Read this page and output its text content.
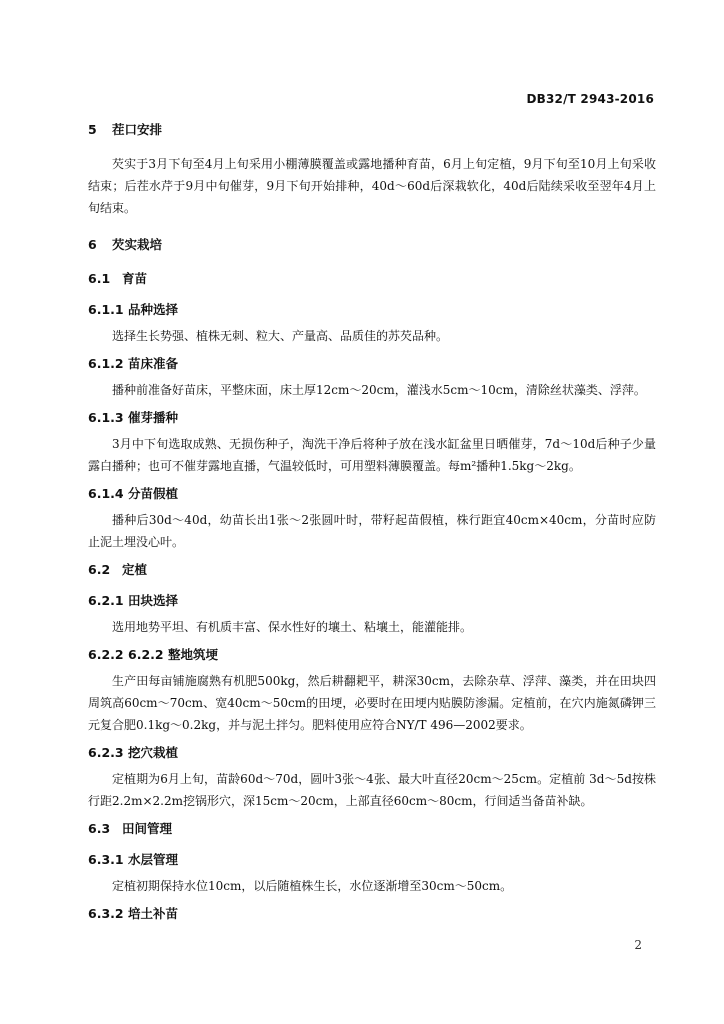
DB32/T 2943-2016
5 茬口安排

芡实于3月下旬至4月上旬采用小棚薄膜覆盖或露地播种育苗，6月上旬定植，9月下旬至10月上旬采收结束；后茬水芹于9月中旬催芽，9月下旬开始排种，40d～60d后深栽软化，40d后陆续采收至翌年4月上旬结束。

6 芡实栽培
6.1 育苗
6.1.1 品种选择

选择生长势强、植株无刺、粒大、产量高、品质佳的苏芡品种。

6.1.2 苗床准备

播种前准备好苗床，平整床面，床土厚12cm～20cm，灌浅水5cm～10cm，清除丝状藻类、浮萍。

6.1.3 催芽播种

3月中下旬选取成熟、无损伤种子，淘洗干净后将种子放在浅水缸盆里日晒催芽，7d～10d后种子少量露白播种；也可不催芽露地直播，气温较低时，可用塑料薄膜覆盖。每m²播种1.5kg～2kg。

6.1.4 分苗假植

播种后30d～40d，幼苗长出1张～2张圆叶时，带籽起苗假植，株行距宜40cm×40cm，分苗时应防止泥土埋没心叶。

6.2 定植
6.2.1 田块选择

选用地势平坦、有机质丰富、保水性好的壤土、粘壤土，能灌能排。

6.2.2 6.2.2 整地筑埂

生产田每亩铺施腐熟有机肥500kg，然后耕翻耙平，耕深30cm，去除杂草、浮萍、藻类，并在田块四周筑高60cm～70cm、宽40cm～50cm的田埂，必要时在田埂内贴膜防渗漏。定植前，在穴内施氮磷钾三元复合肥0.1kg～0.2kg，并与泥土拌匀。肥料使用应符合NY/T 496—2002要求。

6.2.3 挖穴栽植

定植期为6月上旬，苗龄60d～70d，圆叶3张～4张、最大叶直径20cm～25cm。定植前 3d～5d按株行距2.2m×2.2m挖锅形穴，深15cm～20cm，上部直径60cm～80cm，行间适当备苗补缺。

6.3 田间管理
6.3.1 水层管理

定植初期保持水位10cm，以后随植株生长，水位逐渐增至30cm～50cm。

6.3.2 培土补苗
2
